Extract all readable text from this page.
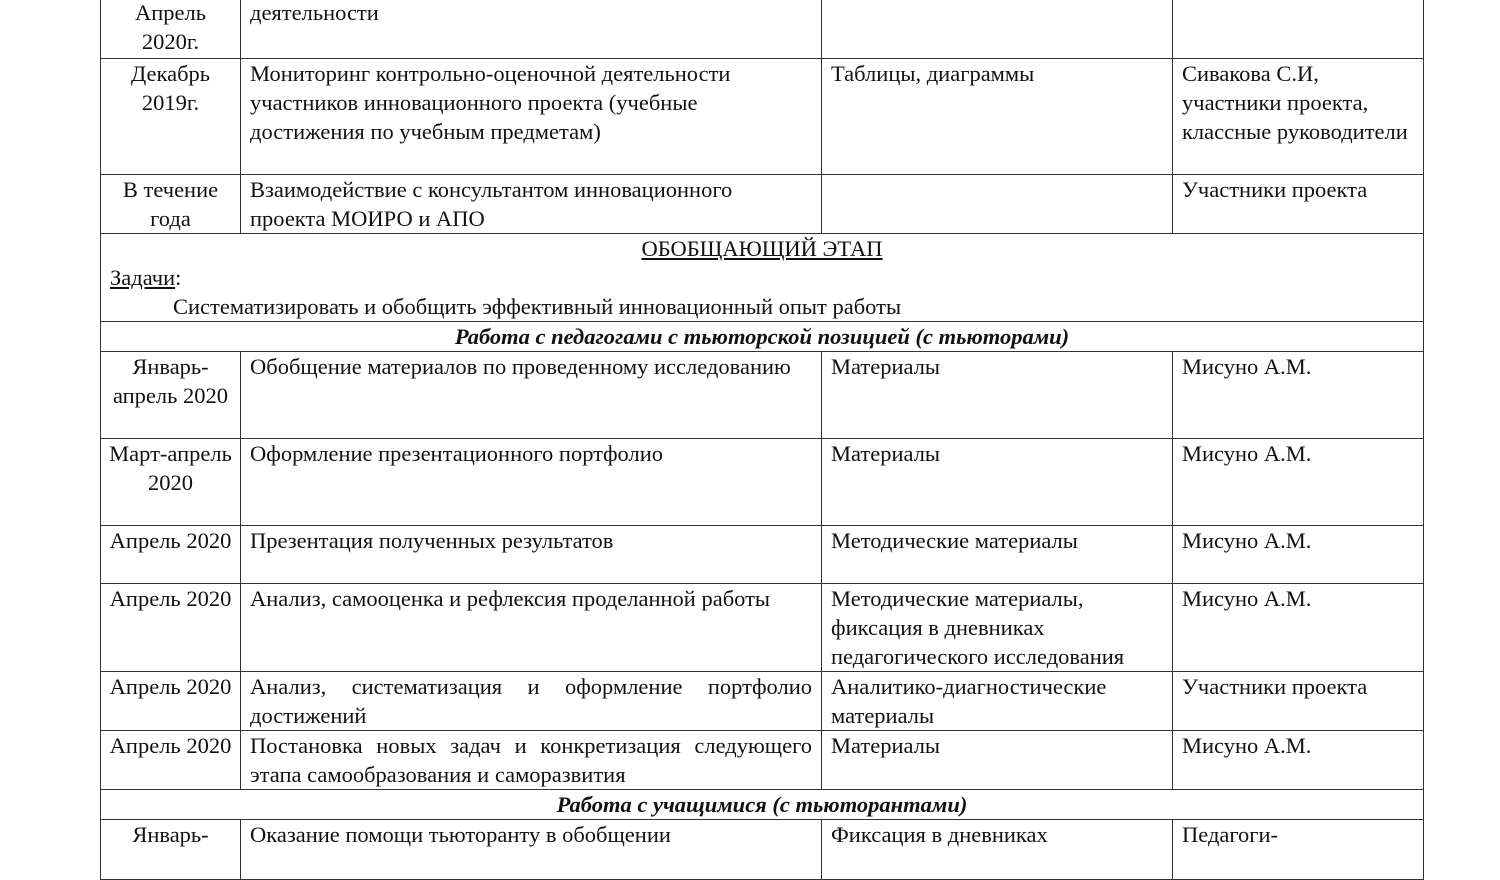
Апрель 2020г.	деятельности		
Декабрь 2019г.	Мониторинг контрольно-оценочной деятельности участников инновационного проекта (учебные достижения по учебным предметам)	Таблицы, диаграммы	Сивакова С.И, участники проекта, классные руководители
В течение года	Взаимодействие с консультантом инновационного проекта МОИРО и АПО		Участники проекта

ОБОБЩАЮЩИЙ ЭТАП
Задачи:
Систематизировать и обобщить эффективный инновационный опыт работы			

Работа с педагогами с тьюторской позицией (с тьюторами)			
Январь-апрель 2020	Обобщение материалов по проведенному исследованию	Материалы	Мисуно А.М.
Март-апрель 2020	Оформление презентационного портфолио	Материалы	Мисуно А.М.
Апрель 2020	Презентация полученных результатов	Методические материалы	Мисуно А.М.
Апрель 2020	Анализ, самооценка и рефлексия проделанной работы	Методические материалы, фиксация в дневниках педагогического исследования	Мисуно А.М.
Апрель 2020	Анализ, систематизация и оформление портфолио достижений	Аналитико-диагностические материалы	Участники проекта
Апрель 2020	Постановка новых задач и конкретизация следующего этапа самообразования и саморазвития	Материалы	Мисуно А.М.
Работа с учащимися (с тьюторантами)			
Январь-	Оказание помощи тьюторанту в обобщении	Фиксация в дневниках	Педагоги-
